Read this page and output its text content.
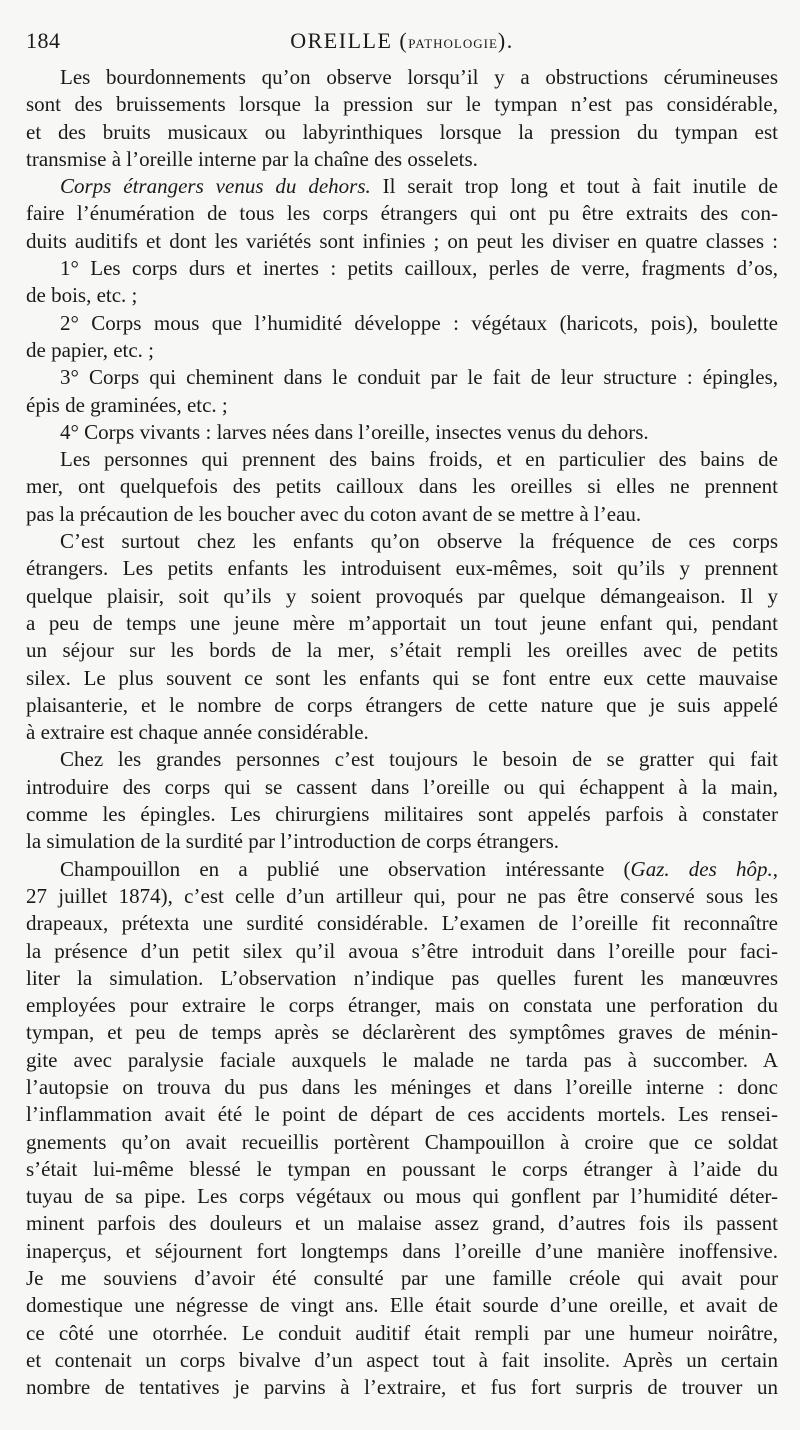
184	OREILLE (pathologie).
Les bourdonnements qu’on observe lorsqu’il y a obstructions cérumineuses
sont des bruissements lorsque la pression sur le tympan n’est pas considérable,
et des bruits musicaux ou labyrinthiques lorsque la pression du tympan est
transmise à l’oreille interne par la chaîne des osselets.
Corps étrangers venus du dehors. Il serait trop long et tout à fait inutile de
faire l’énumération de tous les corps étrangers qui ont pu être extraits des con-
duits auditifs et dont les variétés sont infinies ; on peut les diviser en quatre classes :
1° Les corps durs et inertes : petits cailloux, perles de verre, fragments d’os,
de bois, etc. ;
2° Corps mous que l’humidité développe : végétaux (haricots, pois), boulette
de papier, etc. ;
3° Corps qui cheminent dans le conduit par le fait de leur structure : épingles,
épis de graminées, etc. ;
4° Corps vivants : larves nées dans l’oreille, insectes venus du dehors.
Les personnes qui prennent des bains froids, et en particulier des bains de
mer, ont quelquefois des petits cailloux dans les oreilles si elles ne prennent
pas la précaution de les boucher avec du coton avant de se mettre à l’eau.
C’est surtout chez les enfants qu’on observe la fréquence de ces corps
étrangers. Les petits enfants les introduisent eux-mêmes, soit qu’ils y prennent
quelque plaisir, soit qu’ils y soient provoqués par quelque démangeaison. Il y
a peu de temps une jeune mère m’apportait un tout jeune enfant qui, pendant
un séjour sur les bords de la mer, s’était rempli les oreilles avec de petits
silex. Le plus souvent ce sont les enfants qui se font entre eux cette mauvaise
plaisanterie, et le nombre de corps étrangers de cette nature que je suis appelé
à extraire est chaque année considérable.
Chez les grandes personnes c’est toujours le besoin de se gratter qui fait
introduire des corps qui se cassent dans l’oreille ou qui échappent à la main,
comme les épingles. Les chirurgiens militaires sont appelés parfois à constater
la simulation de la surdité par l’introduction de corps étrangers.
Champouillon en a publié une observation intéressante (Gaz. des hôp.,
27 juillet 1874), c’est celle d’un artilleur qui, pour ne pas être conservé sous les
drapeaux, prétexta une surdité considérable. L’examen de l’oreille fit reconnaître
la présence d’un petit silex qu’il avoua s’être introduit dans l’oreille pour faci-
liter la simulation. L’observation n’indique pas quelles furent les manœuvres
employées pour extraire le corps étranger, mais on constata une perforation du
tympan, et peu de temps après se déclarèrent des symptômes graves de ménin-
gite avec paralysie faciale auxquels le malade ne tarda pas à succomber. A
l’autopsie on trouva du pus dans les méninges et dans l’oreille interne : donc
l’inflammation avait été le point de départ de ces accidents mortels. Les rensei-
gnements qu’on avait recueillis portèrent Champouillon à croire que ce soldat
s’était lui-même blessé le tympan en poussant le corps étranger à l’aide du
tuyau de sa pipe. Les corps végétaux ou mous qui gonflent par l’humidité déter-
minent parfois des douleurs et un malaise assez grand, d’autres fois ils passent
inaperçus, et séjournent fort longtemps dans l’oreille d’une manière inoffensive.
Je me souviens d’avoir été consulté par une famille créole qui avait pour
domestique une négresse de vingt ans. Elle était sourde d’une oreille, et avait de
ce côté une otorrhée. Le conduit auditif était rempli par une humeur noirâtre,
et contenait un corps bivalve d’un aspect tout à fait insolite. Après un certain
nombre de tentatives je parvins à l’extraire, et fus fort surpris de trouver un
